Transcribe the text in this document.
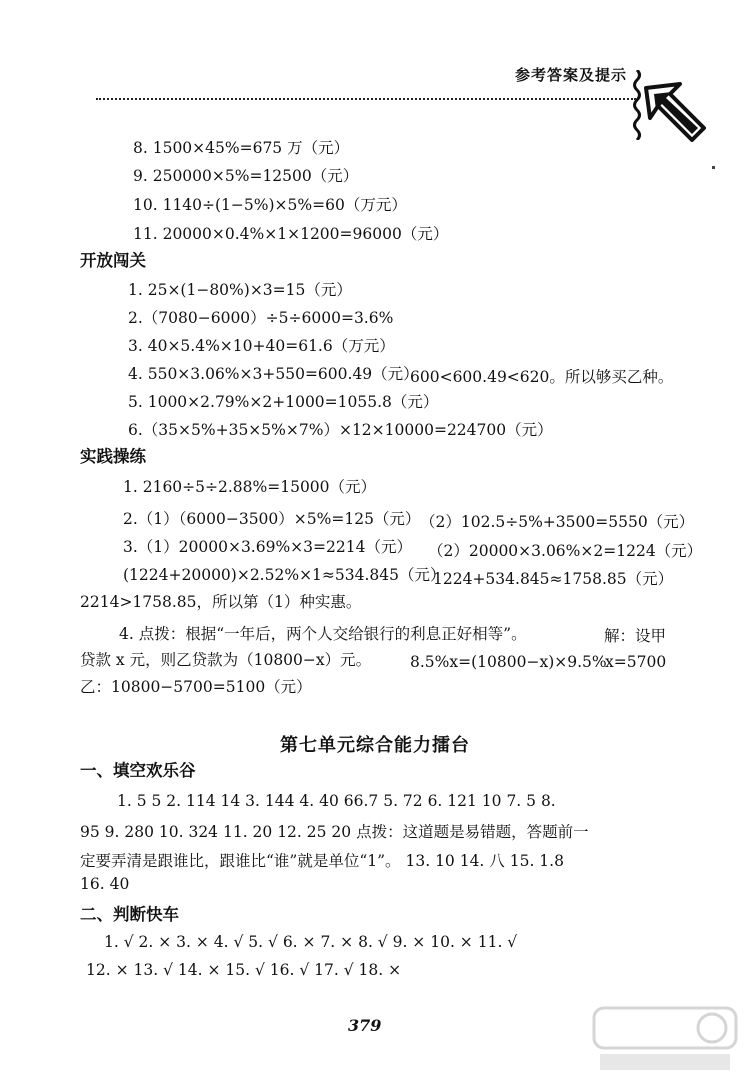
参考答案及提示
8. 1500×45%=675 万（元）
9. 250000×5%=12500（元）
10. 1140÷(1−5%)×5%=60（万元）
11. 20000×0.4%×1×1200=96000（元）
开放闯关
1. 25×(1−80%)×3=15（元）
2.（7080−6000）÷5÷6000=3.6%
3. 40×5.4%×10+40=61.6（万元）
4. 550×3.06%×3+550=600.49（元）
600<600.49<620。所以够买乙种。
5. 1000×2.79%×2+1000=1055.8（元）
6.（35×5%+35×5%×7%）×12×10000=224700（元）
实践操练
1. 2160÷5÷2.88%=15000（元）
2.（1）（6000−3500）×5%=125（元） （2）102.5÷5%+3500=5550（元）
3.（1）20000×3.69%×3=2214（元） （2）20000×3.06%×2=1224（元）
(1224+20000)×2.52%×1≈534.845（元）
1224+534.845≈1758.85（元）
2214>1758.85，所以第（1）种实惠。
4. 点拨：根据“一年后，两个人交给银行的利息正好相等”。	解：设甲
贷款 x 元，则乙贷款为（10800−x）元。	8.5%x=(10800−x)×9.5%
x=5700
乙：10800−5700=5100（元）
第七单元综合能力擂台
一、填空欢乐谷
1. 5 5 2. 114 14 3. 144 4. 40 66.7 5. 72 6. 121 10 7. 5 8.
95 9. 280 10. 324 11. 20 12. 25 20 点拨：这道题是易错题，答题前一
定要弄清是跟谁比，跟谁比“谁”就是单位“1”。 13. 10 14. 八 15. 1.8
16. 40
二、判断快车
1. √ 2. × 3. × 4. √ 5. √ 6. × 7. × 8. √ 9. × 10. × 11. √
12. × 13. √ 14. × 15. √ 16. √ 17. √ 18. ×
379
